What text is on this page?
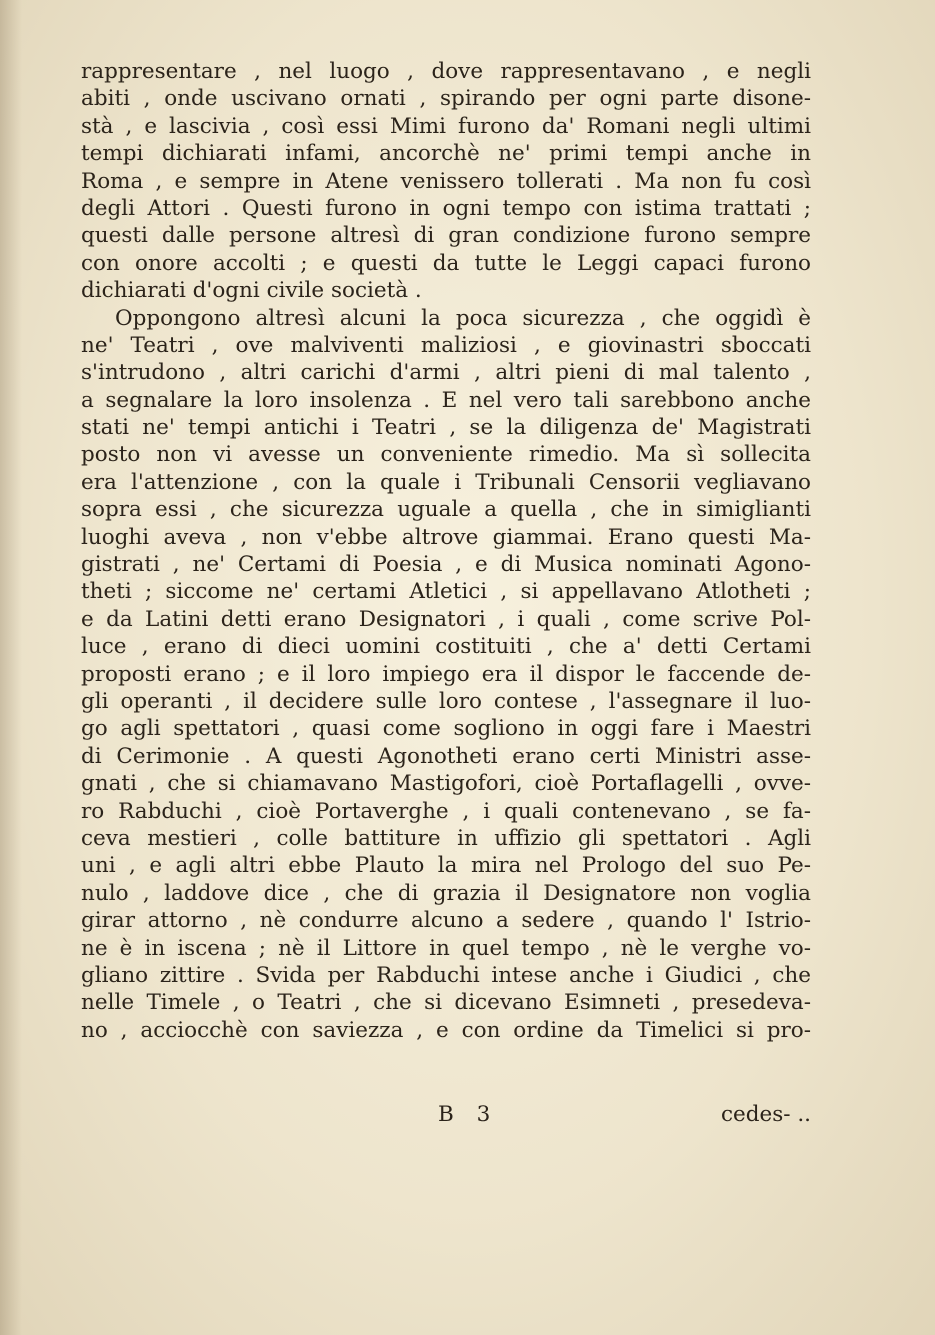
rappresentare , nel luogo , dove rappresentavano , e negli
abiti , onde uscivano ornati , spirando per ogni parte disone-
stà , e lascivia , così essi Mimi furono da' Romani negli ultimi
tempi dichiarati infami, ancorchè ne' primi tempi anche in
Roma , e sempre in Atene venissero tollerati . Ma non fu così
degli Attori . Questi furono in ogni tempo con istima trattati ;
questi dalle persone altresì di gran condizione furono sempre
con onore accolti ; e questi da tutte le Leggi capaci furono
dichiarati d'ogni civile società .
Oppongono altresì alcuni la poca sicurezza , che oggidì è
ne' Teatri , ove malviventi maliziosi , e giovinastri sboccati
s'intrudono , altri carichi d'armi , altri pieni di mal talento ,
a segnalare la loro insolenza . E nel vero tali sarebbono anche
stati ne' tempi antichi i Teatri , se la diligenza de' Magistrati
posto non vi avesse un conveniente rimedio. Ma sì sollecita
era l'attenzione , con la quale i Tribunali Censorii vegliavano
sopra essi , che sicurezza uguale a quella , che in simiglianti
luoghi aveva , non v'ebbe altrove giammai. Erano questi Ma-
gistrati , ne' Certami di Poesia , e di Musica nominati Agono-
theti ; siccome ne' certami Atletici , si appellavano Atlotheti ;
e da Latini detti erano Designatori , i quali , come scrive Pol-
luce , erano di dieci uomini costituiti , che a' detti Certami
proposti erano ; e il loro impiego era il dispor le faccende de-
gli operanti , il decidere sulle loro contese , l'assegnare il luo-
go agli spettatori , quasi come sogliono in oggi fare i Maestri
di Cerimonie . A questi Agonotheti erano certi Ministri asse-
gnati , che si chiamavano Mastigofori, cioè Portaflagelli , ovve-
ro Rabduchi , cioè Portaverghe , i quali contenevano , se fa-
ceva mestieri , colle battiture in uffizio gli spettatori . Agli
uni , e agli altri ebbe Plauto la mira nel Prologo del suo Pe-
nulo , laddove dice , che di grazia il Designatore non voglia
girar attorno , nè condurre alcuno a sedere , quando l' Istrio-
ne è in iscena ; nè il Littore in quel tempo , nè le verghe vo-
gliano zittire . Svida per Rabduchi intese anche i Giudici , che
nelle Timele , o Teatri , che si dicevano Esimneti , presedeva-
no , acciocchè con saviezza , e con ordine da Timelici si pro-
B 3	cedes- ..
